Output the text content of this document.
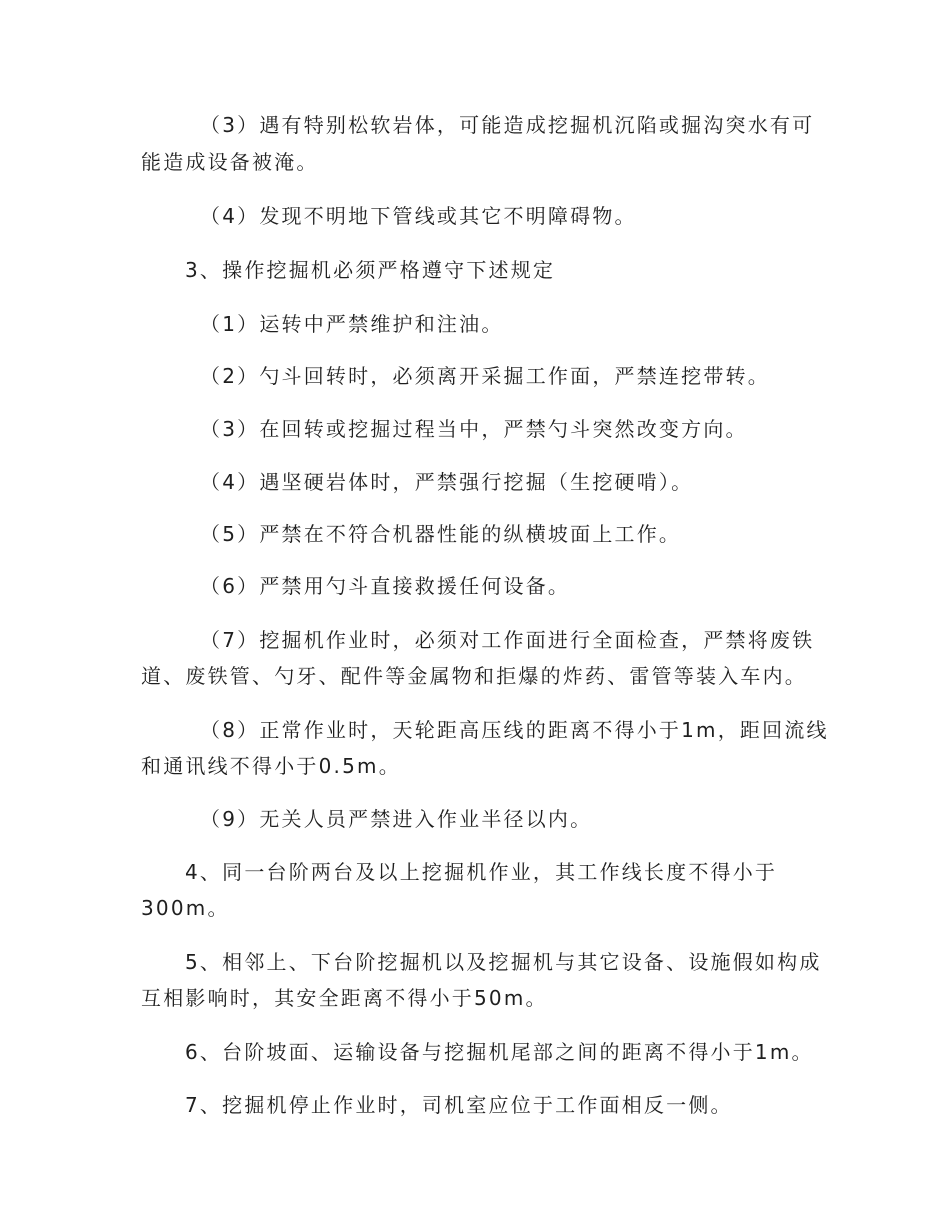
（3）遇有特别松软岩体，可能造成挖掘机沉陷或掘沟突水有可
能造成设备被淹。
（4）发现不明地下管线或其它不明障碍物。
3、操作挖掘机必须严格遵守下述规定
（1）运转中严禁维护和注油。
（2）勺斗回转时，必须离开采掘工作面，严禁连挖带转。
（3）在回转或挖掘过程当中，严禁勺斗突然改变方向。
（4）遇坚硬岩体时，严禁强行挖掘（生挖硬啃）。
（5）严禁在不符合机器性能的纵横坡面上工作。
（6）严禁用勺斗直接救援任何设备。
（7）挖掘机作业时，必须对工作面进行全面检查，严禁将废铁
道、废铁管、勺牙、配件等金属物和拒爆的炸药、雷管等装入车内。
（8）正常作业时，天轮距高压线的距离不得小于1m，距回流线
和通讯线不得小于0.5m。
（9）无关人员严禁进入作业半径以内。
4、同一台阶两台及以上挖掘机作业，其工作线长度不得小于
300m。
5、相邻上、下台阶挖掘机以及挖掘机与其它设备、设施假如构成
互相影响时，其安全距离不得小于50m。
6、台阶坡面、运输设备与挖掘机尾部之间的距离不得小于1m。
7、挖掘机停止作业时，司机室应位于工作面相反一侧。
